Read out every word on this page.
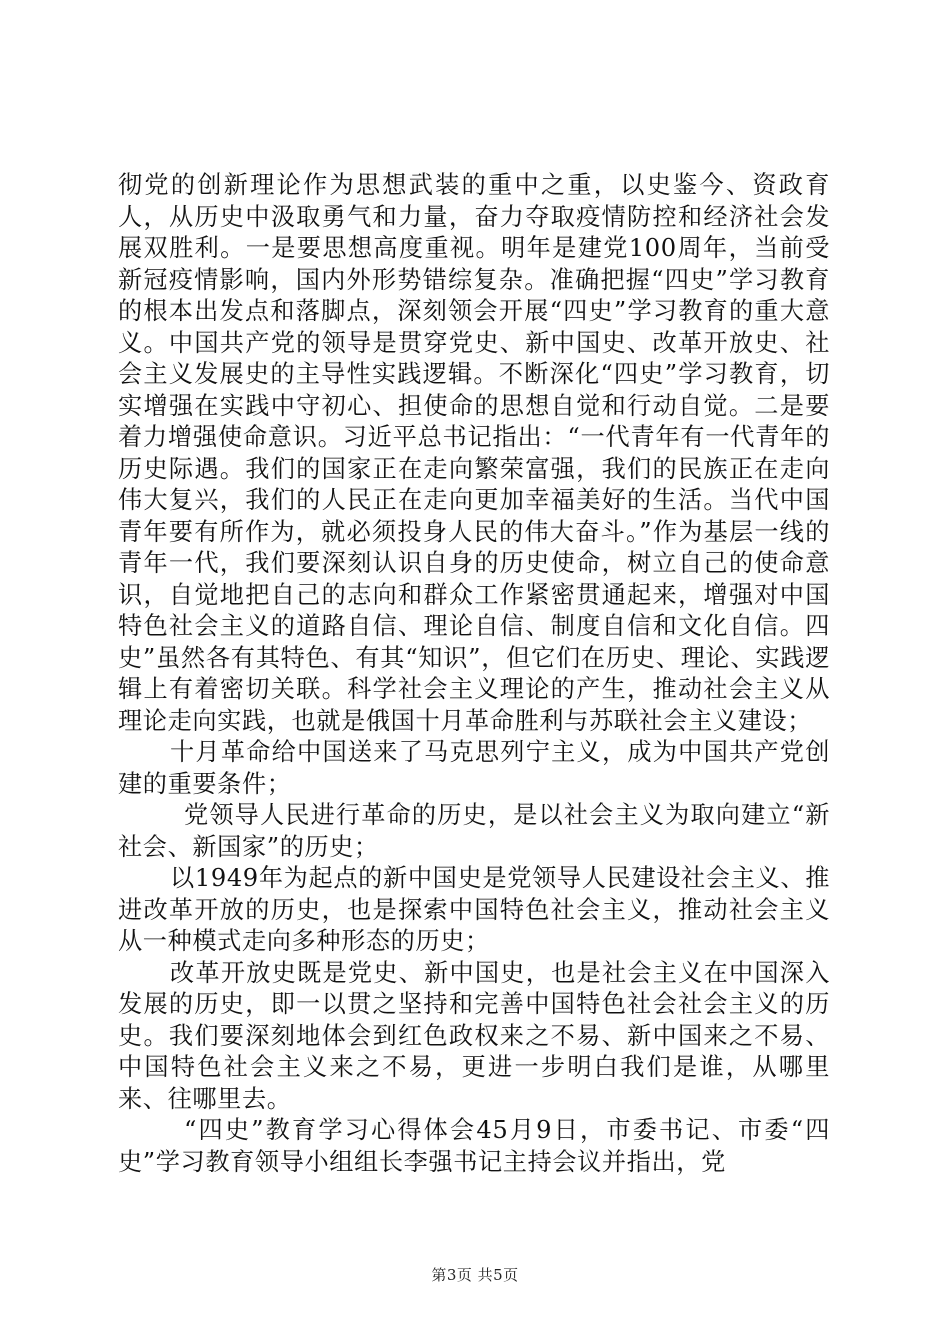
彻党的创新理论作为思想武装的重中之重，以史鉴今、资政育人，从历史中汲取勇气和力量，奋力夺取疫情防控和经济社会发展双胜利。一是要思想高度重视。明年是建党100周年，当前受新冠疫情影响，国内外形势错综复杂。准确把握“四史”学习教育的根本出发点和落脚点，深刻领会开展“四史”学习教育的重大意义。中国共产党的领导是贯穿党史、新中国史、改革开放史、社会主义发展史的主导性实践逻辑。不断深化“四史”学习教育，切实增强在实践中守初心、担使命的思想自觉和行动自觉。二是要着力增强使命意识。习近平总书记指出：“一代青年有一代青年的历史际遇。我们的国家正在走向繁荣富强，我们的民族正在走向伟大复兴，我们的人民正在走向更加幸福美好的生活。当代中国青年要有所作为，就必须投身人民的伟大奋斗。”作为基层一线的青年一代，我们要深刻认识自身的历史使命，树立自己的使命意识，自觉地把自己的志向和群众工作紧密贯通起来，增强对中国特色社会主义的道路自信、理论自信、制度自信和文化自信。四史”虽然各有其特色、有其“知识”，但它们在历史、理论、实践逻辑上有着密切关联。科学社会主义理论的产生，推动社会主义从理论走向实践，也就是俄国十月革命胜利与苏联社会主义建设；

十月革命给中国送来了马克思列宁主义，成为中国共产党创建的重要条件；

党领导人民进行革命的历史，是以社会主义为取向建立“新社会、新国家”的历史；

以1949年为起点的新中国史是党领导人民建设社会主义、推进改革开放的历史，也是探索中国特色社会主义，推动社会主义从一种模式走向多种形态的历史；

改革开放史既是党史、新中国史，也是社会主义在中国深入发展的历史，即一以贯之坚持和完善中国特色社会社会主义的历史。我们要深刻地体会到红色政权来之不易、新中国来之不易、中国特色社会主义来之不易，更进一步明白我们是谁，从哪里来、往哪里去。

“四史”教育学习心得体会45月9日，市委书记、市委“四史”学习教育领导小组组长李强书记主持会议并指出，党

第3页 共5页
